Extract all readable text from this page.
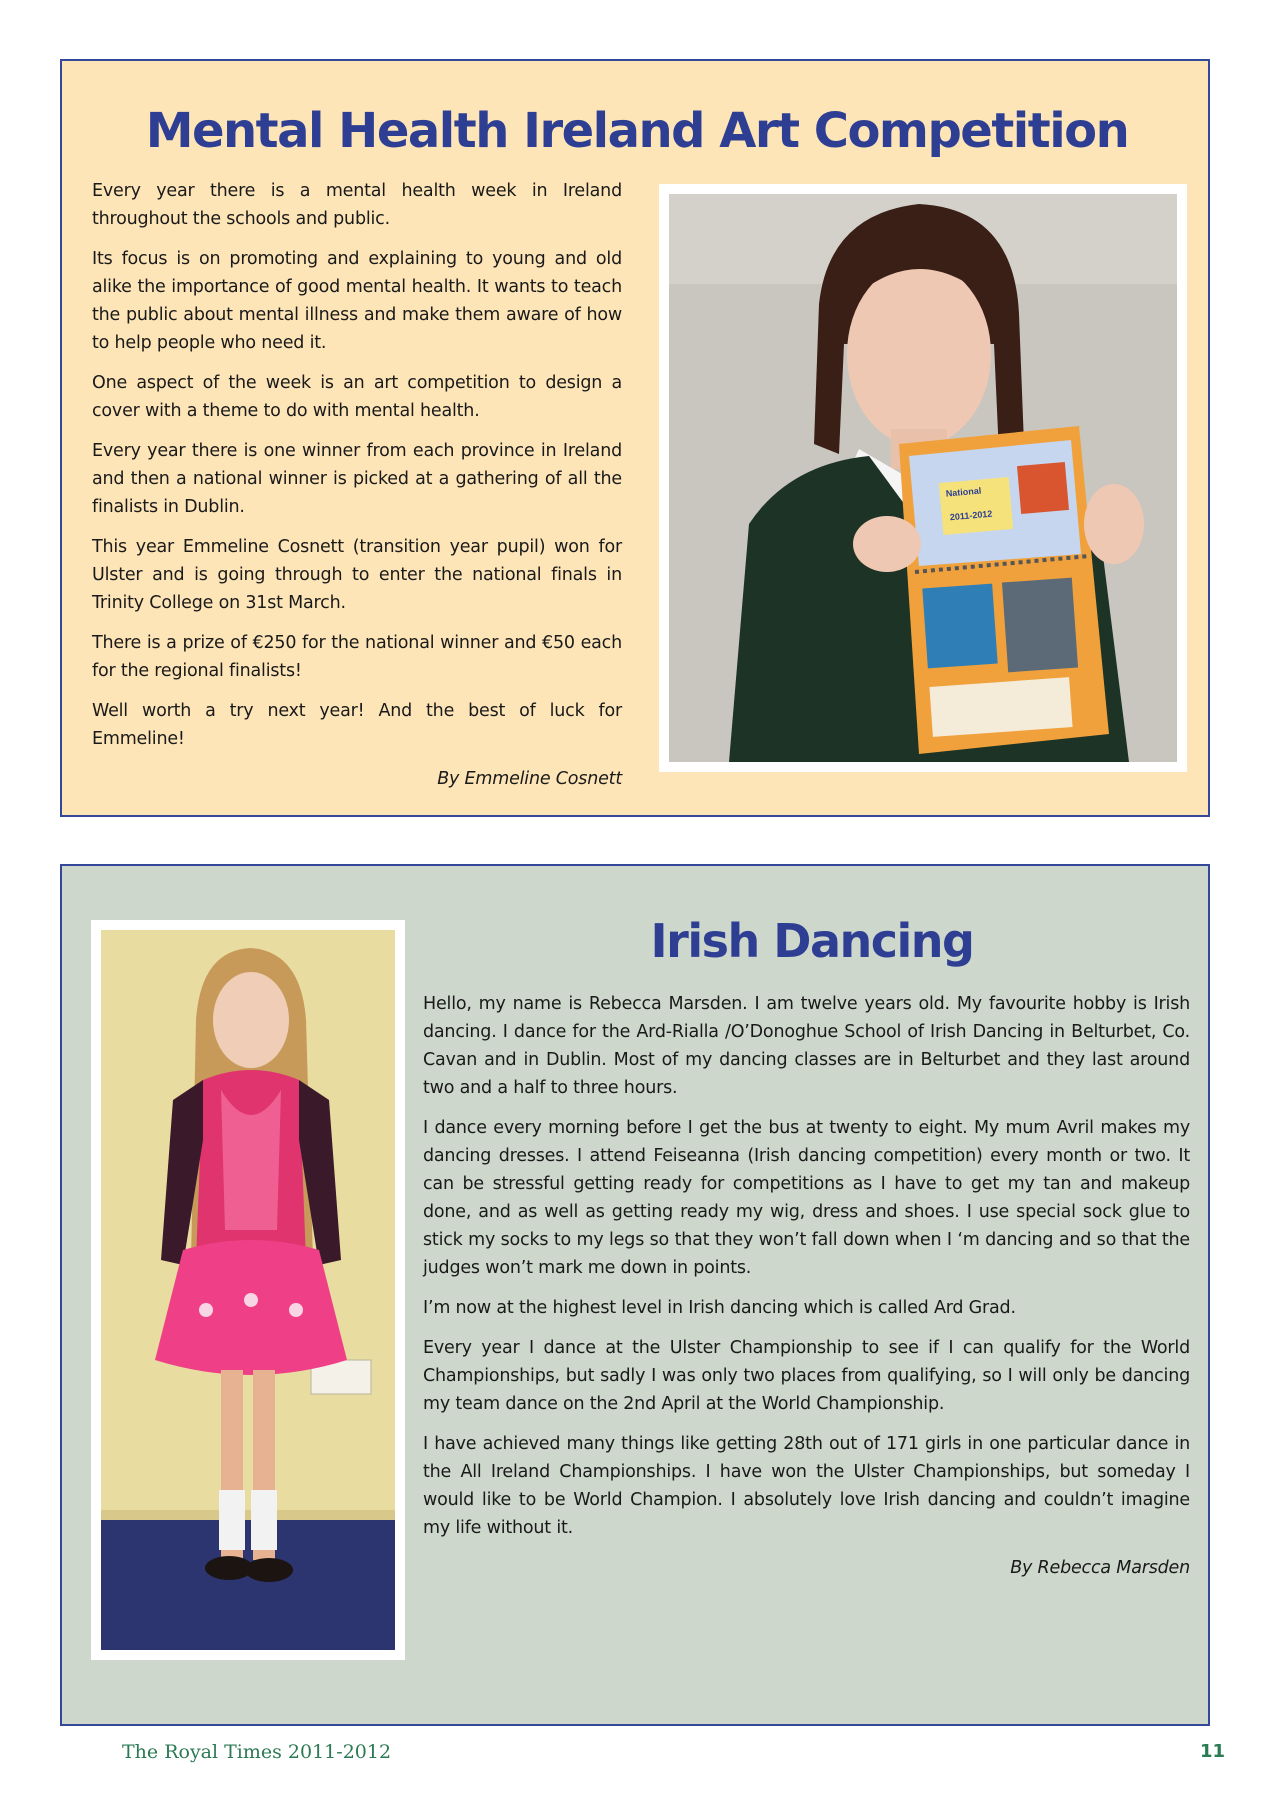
Mental Health Ireland Art Competition

Every year there is a mental health week in Ireland throughout the schools and public.

Its focus is on promoting and explaining to young and old alike the importance of good mental health. It wants to teach the public about mental illness and make them aware of how to help people who need it.

One aspect of the week is an art competition to design a cover with a theme to do with mental health.

Every year there is one winner from each province in Ireland and then a national winner is picked at a gathering of all the finalists in Dublin.

This year Emmeline Cosnett (transition year pupil) won for Ulster and is going through to enter the national finals in Trinity College on 31st March.

There is a prize of €250 for the national winner and €50 each for the regional finalists!

Well worth a try next year! And the best of luck for Emmeline!

By Emmeline Cosnett

National
2011-2012
Irish Dancing

Hello, my name is Rebecca Marsden. I am twelve years old. My favourite hobby is Irish dancing. I dance for the Ard-Rialla /O’Donoghue School of Irish Dancing in Belturbet, Co. Cavan and in Dublin. Most of my dancing classes are in Belturbet and they last around two and a half to three hours.

I dance every morning before I get the bus at twenty to eight. My mum Avril makes my dancing dresses. I attend Feiseanna (Irish dancing competition) every month or two. It can be stressful getting ready for competitions as I have to get my tan and makeup done, and as well as getting ready my wig, dress and shoes. I use special sock glue to stick my socks to my legs so that they won’t fall down when I ‘m dancing and so that the judges won’t mark me down in points.

I’m now at the highest level in Irish dancing which is called Ard Grad.

Every year I dance at the Ulster Championship to see if I can qualify for the World Championships, but sadly I was only two places from qualifying, so I will only be dancing my team dance on the 2nd April at the World Championship.

I have achieved many things like getting 28th out of 171 girls in one particular dance in the All Ireland Championships. I have won the Ulster Championships, but someday I would like to be World Champion. I absolutely love Irish dancing and couldn’t imagine my life without it.

By Rebecca Marsden

The Royal Times 2011-2012	11
